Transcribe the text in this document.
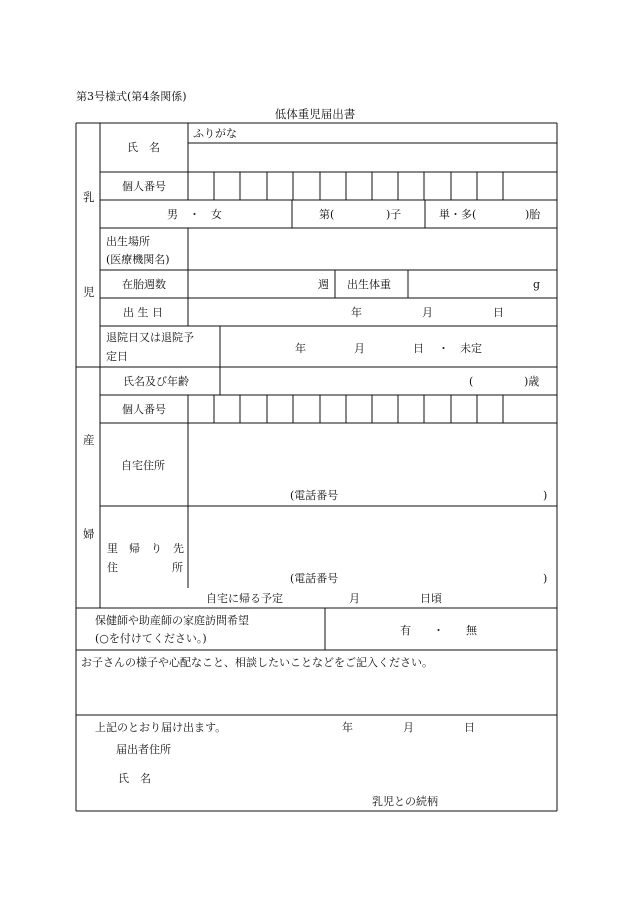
第3号様式(第4条関係)
低体重児届出書
乳
児
産
婦
氏　名
ふりがな
個人番号
男　・　女	第(	)子	単・多(	)胎
出生場所
(医療機関名)
在胎週数	週 出生体重	g
出 生 日	年	月	日
退院日又は退院予
定日
年	月	日 ・　未定
氏名及び年齢	(	)歳
個人番号
自宅住所
(電話番号	)
里　帰　り　先
住	所
(電話番号	)
自宅に帰る予定	月	日頃
保健師や助産師の家庭訪問希望
(○を付けてください。)
有　　・　　無
お子さんの様子や心配なこと、相談したいことなどをご記入ください。
上記のとおり届け出ます。	年	月	日
届出者住所
氏　名
乳児との続柄
